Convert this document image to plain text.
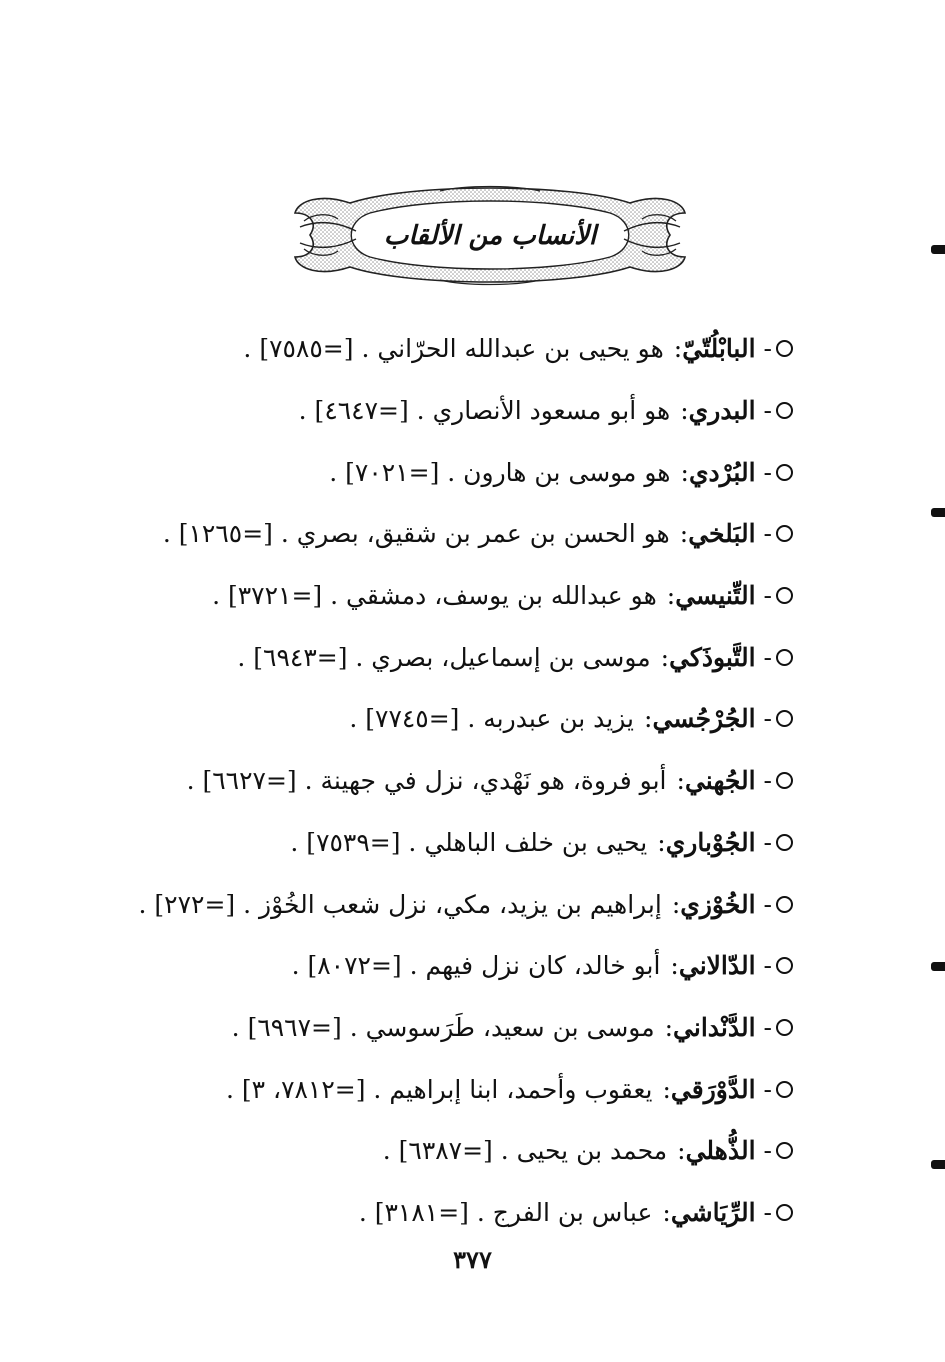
الأنساب من الألقاب
-
البابْلُتّيّ
:
هو يحيى بن عبدالله الحرّاني . [=٧٥٨٥] .
-
البدري
:
هو أبو مسعود الأنصاري . [=٤٦٤٧] .
-
البُرْدي
:
هو موسى بن هارون . [=٧٠٢١] .
-
البَلخي
:
هو الحسن بن عمر بن شقيق، بصري . [=١٢٦٥] .
-
التِّنيسي
:
هو عبدالله بن يوسف، دمشقي . [=٣٧٢١] .
-
التَّبوذَكي
:
موسى بن إسماعيل، بصري . [=٦٩٤٣] .
-
الجُرْجُسي
:
يزيد بن عبدربه . [=٧٧٤٥] .
-
الجُهني
:
أبو فروة، هو نَهْدي، نزل في جهينة . [=٦٦٢٧] .
-
الجُوْباري
:
يحيى بن خلف الباهلي . [=٧٥٣٩] .
-
الخُوْزي
:
إبراهيم بن يزيد، مكي، نزل شعب الخُوْز . [=٢٧٢] .
-
الدّالاني
:
أبو خالد، كان نزل فيهم . [=٨٠٧٢] .
-
الدَّنْداني
:
موسى بن سعيد، طَرَسوسي . [=٦٩٦٧] .
-
الدَّوْرَقي
:
يعقوب وأحمد، ابنا إبراهيم . [=٧٨١٢، ٣] .
-
الذُّهلي
:
محمد بن يحيى . [=٦٣٨٧] .
-
الرِّيَاشي
:
عباس بن الفرج . [=٣١٨١] .
٣٧٧
